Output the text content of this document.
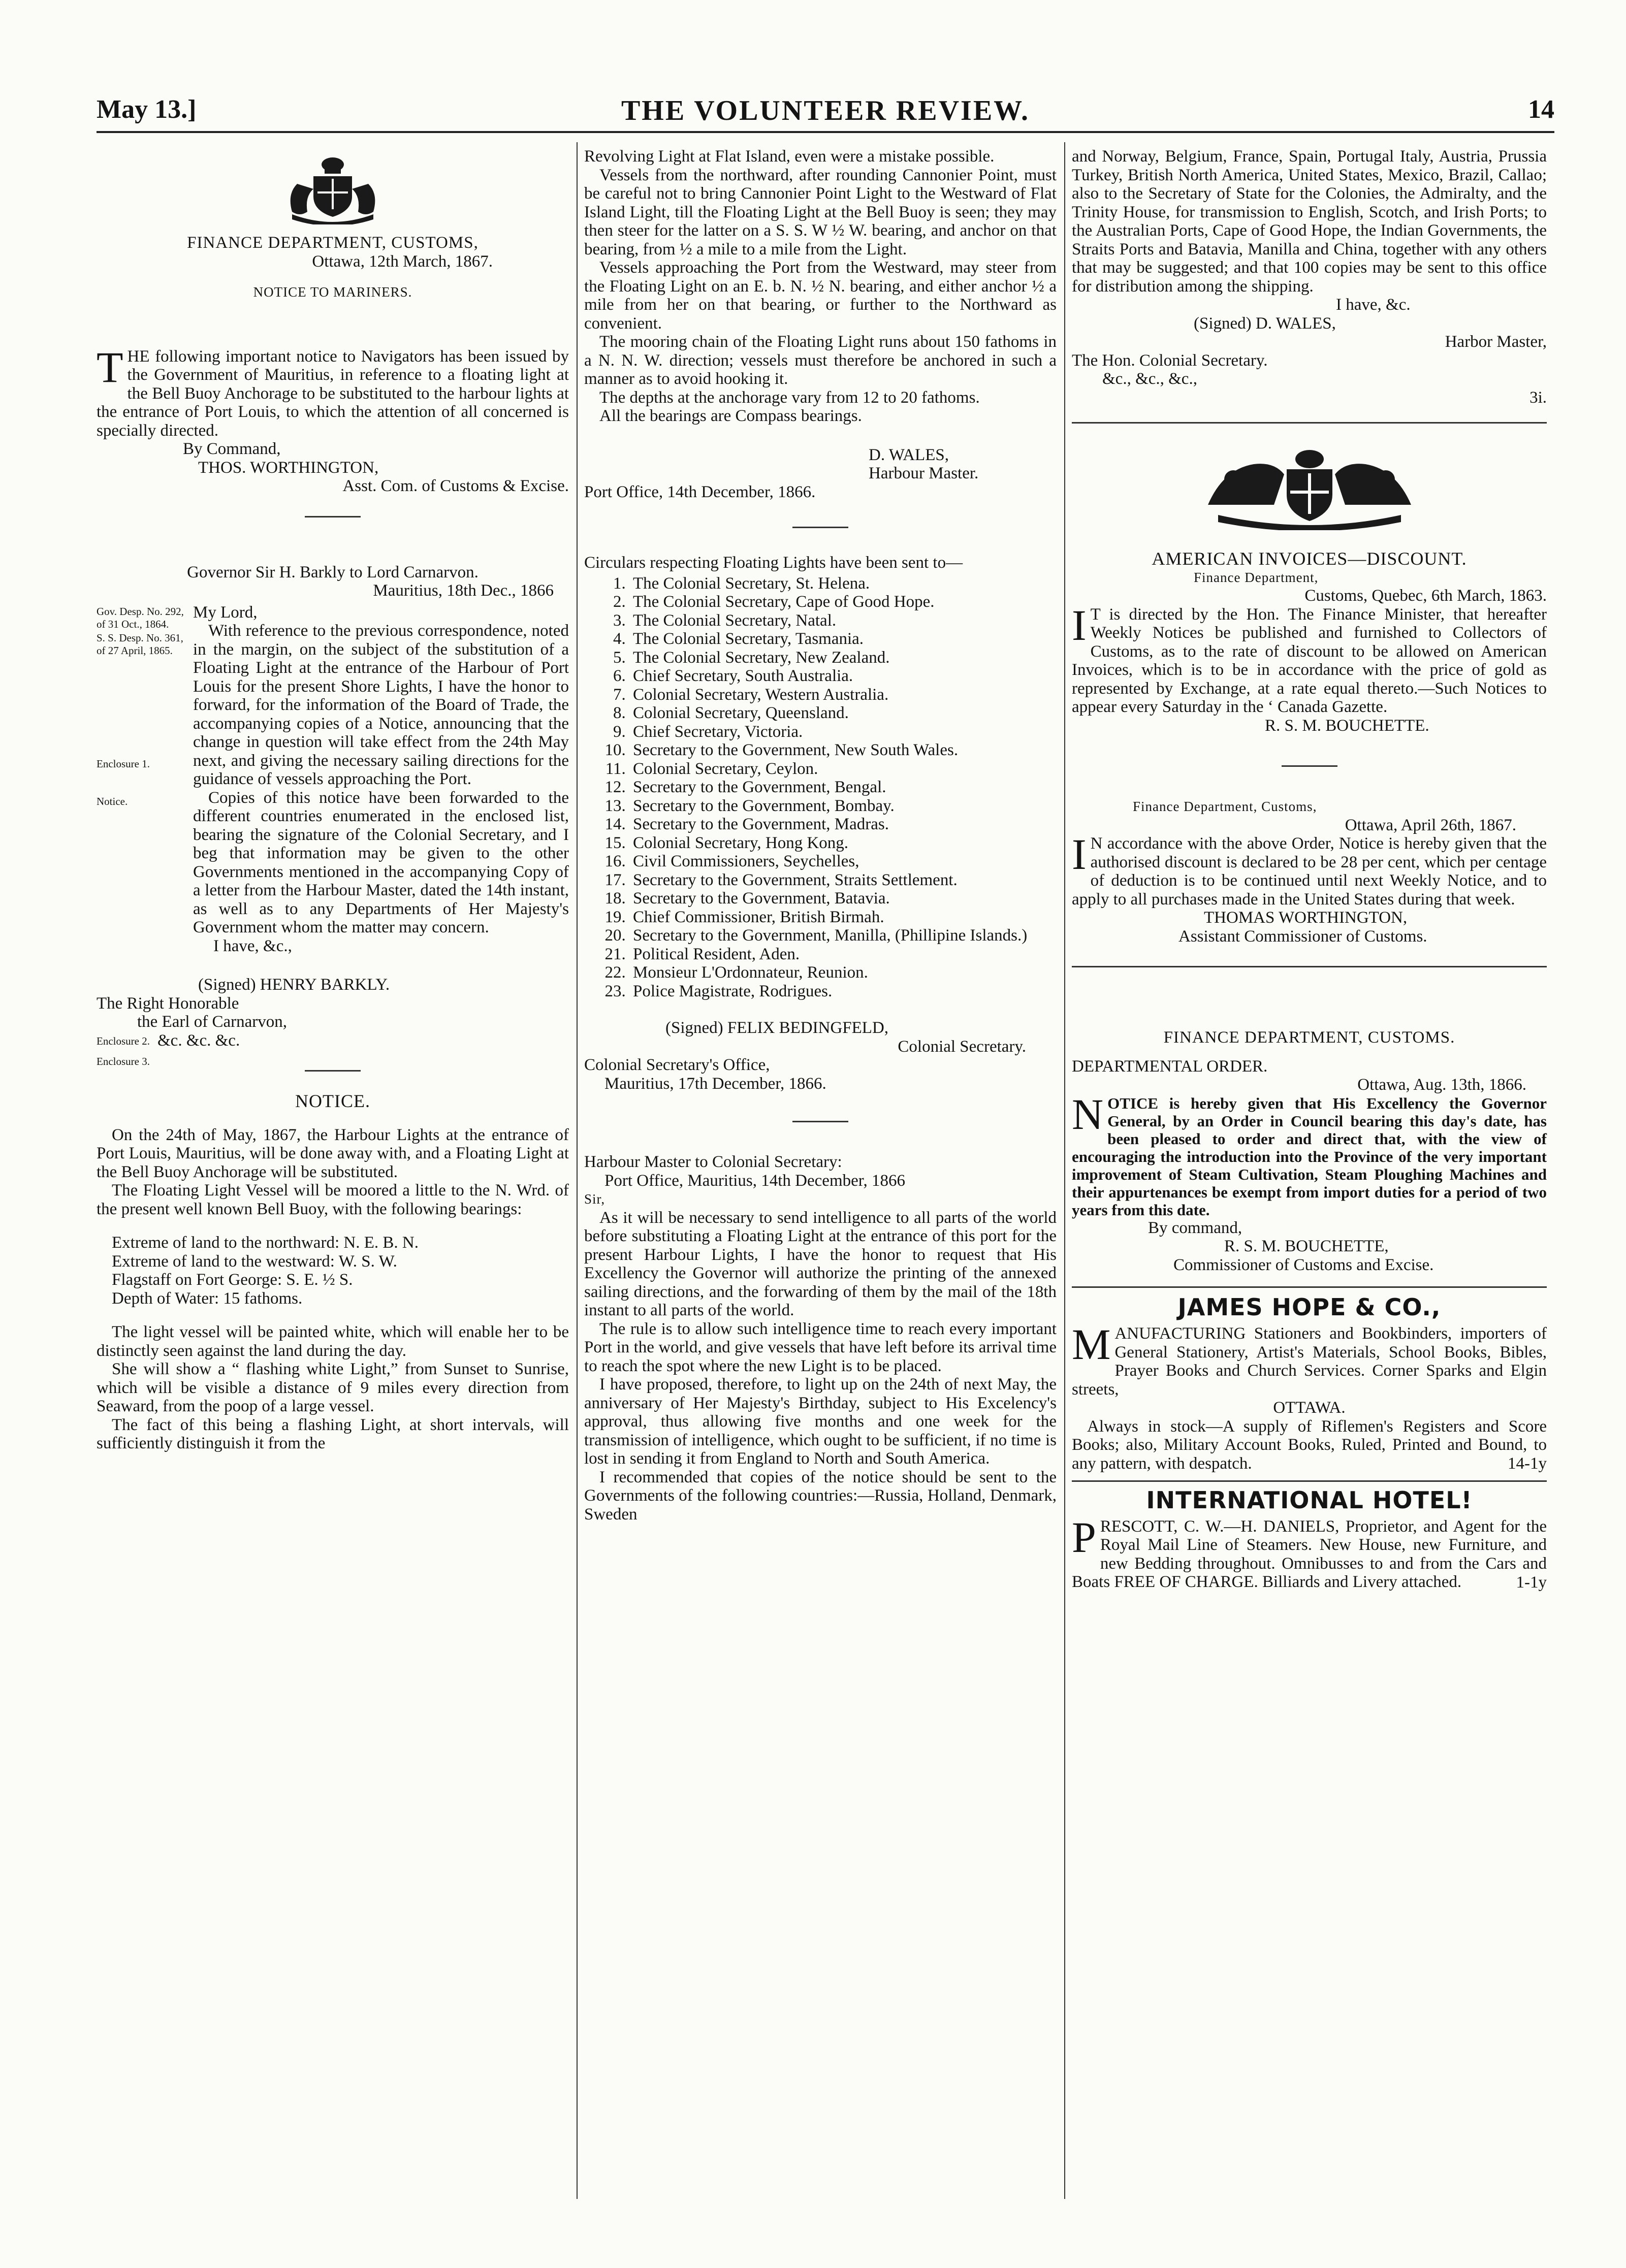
May 13.]	THE VOLUNTEER REVIEW.	14

FINANCE DEPARTMENT, CUSTOMS,

Ottawa, 12th March, 1867.

NOTICE TO MARINERS.

THE following important notice to Navigators has been issued by the Government of Mauritius, in reference to a floating light at the Bell Buoy Anchorage to be substituted to the harbour lights at the entrance of Port Louis, to which the attention of all concerned is specially directed.

By Command,

THOS. WORTHINGTON,

Asst. Com. of Customs & Excise.

Governor Sir H. Barkly to Lord Carnarvon.

Mauritius, 18th Dec., 1866

Gov. Desp. No. 292, of 31 Oct., 1864.
S. S. Desp. No. 361, of 27 April, 1865.
Enclosure 1.
Notice.
Enclosure 2.
Enclosure 3.

My Lord,

With reference to the previous correspondence, noted in the margin, on the subject of the substitution of a Floating Light at the entrance of the Harbour of Port Louis for the present Shore Lights, I have the honor to forward, for the information of the Board of Trade, the accompanying copies of a Notice, announcing that the change in question will take effect from the 24th May next, and giving the necessary sailing directions for the guidance of vessels approaching the Port.

Copies of this notice have been forwarded to the different countries enumerated in the enclosed list, bearing the signature of the Colonial Secretary, and I beg that information may be given to the other Governments mentioned in the accompanying Copy of a letter from the Harbour Master, dated the 14th instant, as well as to any Departments of Her Majesty's Government whom the matter may concern.

I have, &c.,

(Signed) HENRY BARKLY.

The Right Honorable

the Earl of Carnarvon,

&c. &c. &c.

NOTICE.

On the 24th of May, 1867, the Harbour Lights at the entrance of Port Louis, Mauritius, will be done away with, and a Floating Light at the Bell Buoy Anchorage will be substituted.

The Floating Light Vessel will be moored a little to the N. Wrd. of the present well known Bell Buoy, with the following bearings:

Extreme of land to the northward: N. E. B. N.

Extreme of land to the westward: W. S. W.

Flagstaff on Fort George: S. E. ½ S.

Depth of Water: 15 fathoms.

The light vessel will be painted white, which will enable her to be distinctly seen against the land during the day.

She will show a “ flashing white Light,” from Sunset to Sunrise, which will be visible a distance of 9 miles every direction from Seaward, from the poop of a large vessel.

The fact of this being a flashing Light, at short intervals, will sufficiently distinguish it from the

Revolving Light at Flat Island, even were a mistake possible.

Vessels from the northward, after rounding Cannonier Point, must be careful not to bring Cannonier Point Light to the Westward of Flat Island Light, till the Floating Light at the Bell Buoy is seen; they may then steer for the latter on a S. S. W ½ W. bearing, and anchor on that bearing, from ½ a mile to a mile from the Light.

Vessels approaching the Port from the Westward, may steer from the Floating Light on an E. b. N. ½ N. bearing, and either anchor ½ a mile from her on that bearing, or further to the Northward as convenient.

The mooring chain of the Floating Light runs about 150 fathoms in a N. N. W. direction; vessels must therefore be anchored in such a manner as to avoid hooking it.

The depths at the anchorage vary from 12 to 20 fathoms.

All the bearings are Compass bearings.

D. WALES,

Harbour Master.

Port Office, 14th December, 1866.

Circulars respecting Floating Lights have been sent to—

1. The Colonial Secretary, St. Helena.
2. The Colonial Secretary, Cape of Good Hope.
3. The Colonial Secretary, Natal.
4. The Colonial Secretary, Tasmania.
5. The Colonial Secretary, New Zealand.
6. Chief Secretary, South Australia.
7. Colonial Secretary, Western Australia.
8. Colonial Secretary, Queensland.
9. Chief Secretary, Victoria.
10. Secretary to the Government, New South Wales.
11. Colonial Secretary, Ceylon.
12. Secretary to the Government, Bengal.
13. Secretary to the Government, Bombay.
14. Secretary to the Government, Madras.
15. Colonial Secretary, Hong Kong.
16. Civil Commissioners, Seychelles,
17. Secretary to the Government, Straits Settlement.
18. Secretary to the Government, Batavia.
19. Chief Commissioner, British Birmah.
20. Secretary to the Government, Manilla, (Phillipine Islands.)
21. Political Resident, Aden.
22. Monsieur L'Ordonnateur, Reunion.
23. Police Magistrate, Rodrigues.

(Signed) FELIX BEDINGFELD,

Colonial Secretary.

Colonial Secretary's Office,

Mauritius, 17th December, 1866.

Harbour Master to Colonial Secretary:

Port Office, Mauritius, 14th December, 1866

Sir,

As it will be necessary to send intelligence to all parts of the world before substituting a Floating Light at the entrance of this port for the present Harbour Lights, I have the honor to request that His Excellency the Governor will authorize the printing of the annexed sailing directions, and the forwarding of them by the mail of the 18th instant to all parts of the world.

The rule is to allow such intelligence time to reach every important Port in the world, and give vessels that have left before its arrival time to reach the spot where the new Light is to be placed.

I have proposed, therefore, to light up on the 24th of next May, the anniversary of Her Majesty's Birthday, subject to His Excelency's approval, thus allowing five months and one week for the transmission of intelligence, which ought to be sufficient, if no time is lost in sending it from England to North and South America.

I recommended that copies of the notice should be sent to the Governments of the following countries:—Russia, Holland, Denmark, Sweden

and Norway, Belgium, France, Spain, Portugal Italy, Austria, Prussia Turkey, British North America, United States, Mexico, Brazil, Callao; also to the Secretary of State for the Colonies, the Admiralty, and the Trinity House, for transmission to English, Scotch, and Irish Ports; to the Australian Ports, Cape of Good Hope, the Indian Governments, the Straits Ports and Batavia, Manilla and China, together with any others that may be suggested; and that 100 copies may be sent to this office for distribution among the shipping.

I have, &c.

(Signed) D. WALES,

Harbor Master,

The Hon. Colonial Secretary.

&c., &c., &c.,

3i.

AMERICAN INVOICES—DISCOUNT.

Finance Department,

Customs, Quebec, 6th March, 1863.

I T is directed by the Hon. The Finance Minister, that hereafter Weekly Notices be published and furnished to Collectors of Customs, as to the rate of discount to be allowed on American Invoices, which is to be in accordance with the price of gold as represented by Exchange, at a rate equal thereto.—Such Notices to appear every Saturday in the ‘ Canada Gazette.

R. S. M. BOUCHETTE.

Finance Department, Customs,

Ottawa, April 26th, 1867.

I N accordance with the above Order, Notice is hereby given that the authorised discount is declared to be 28 per cent, which per centage of deduction is to be continued until next Weekly Notice, and to apply to all purchases made in the United States during that week.

THOMAS WORTHINGTON,

Assistant Commissioner of Customs.

FINANCE DEPARTMENT, CUSTOMS.

DEPARTMENTAL ORDER.

Ottawa, Aug. 13th, 1866.

NOTICE is hereby given that His Excellency the Governor General, by an Order in Council bearing this day's date, has been pleased to order and direct that, with the view of encouraging the introduction into the Province of the very important improvement of Steam Cultivation, Steam Ploughing Machines and their appurtenances be exempt from import duties for a period of two years from this date.

By command,

R. S. M. BOUCHETTE,

Commissioner of Customs and Excise.

JAMES HOPE & CO.,

MANUFACTURING Stationers and Bookbinders, importers of General Stationery, Artist's Materials, School Books, Bibles, Prayer Books and Church Services. Corner Sparks and Elgin streets,

OTTAWA.

Always in stock—A supply of Riflemen's Registers and Score Books; also, Military Account Books, Ruled, Printed and Bound, to any pattern, with despatch.	14-1y

INTERNATIONAL HOTEL!

PRESCOTT, C. W.—H. DANIELS, Proprietor, and Agent for the Royal Mail Line of Steamers. New House, new Furniture, and new Bedding throughout. Omnibusses to and from the Cars and Boats FREE OF CHARGE. Billiards and Livery attached.	1-1y
